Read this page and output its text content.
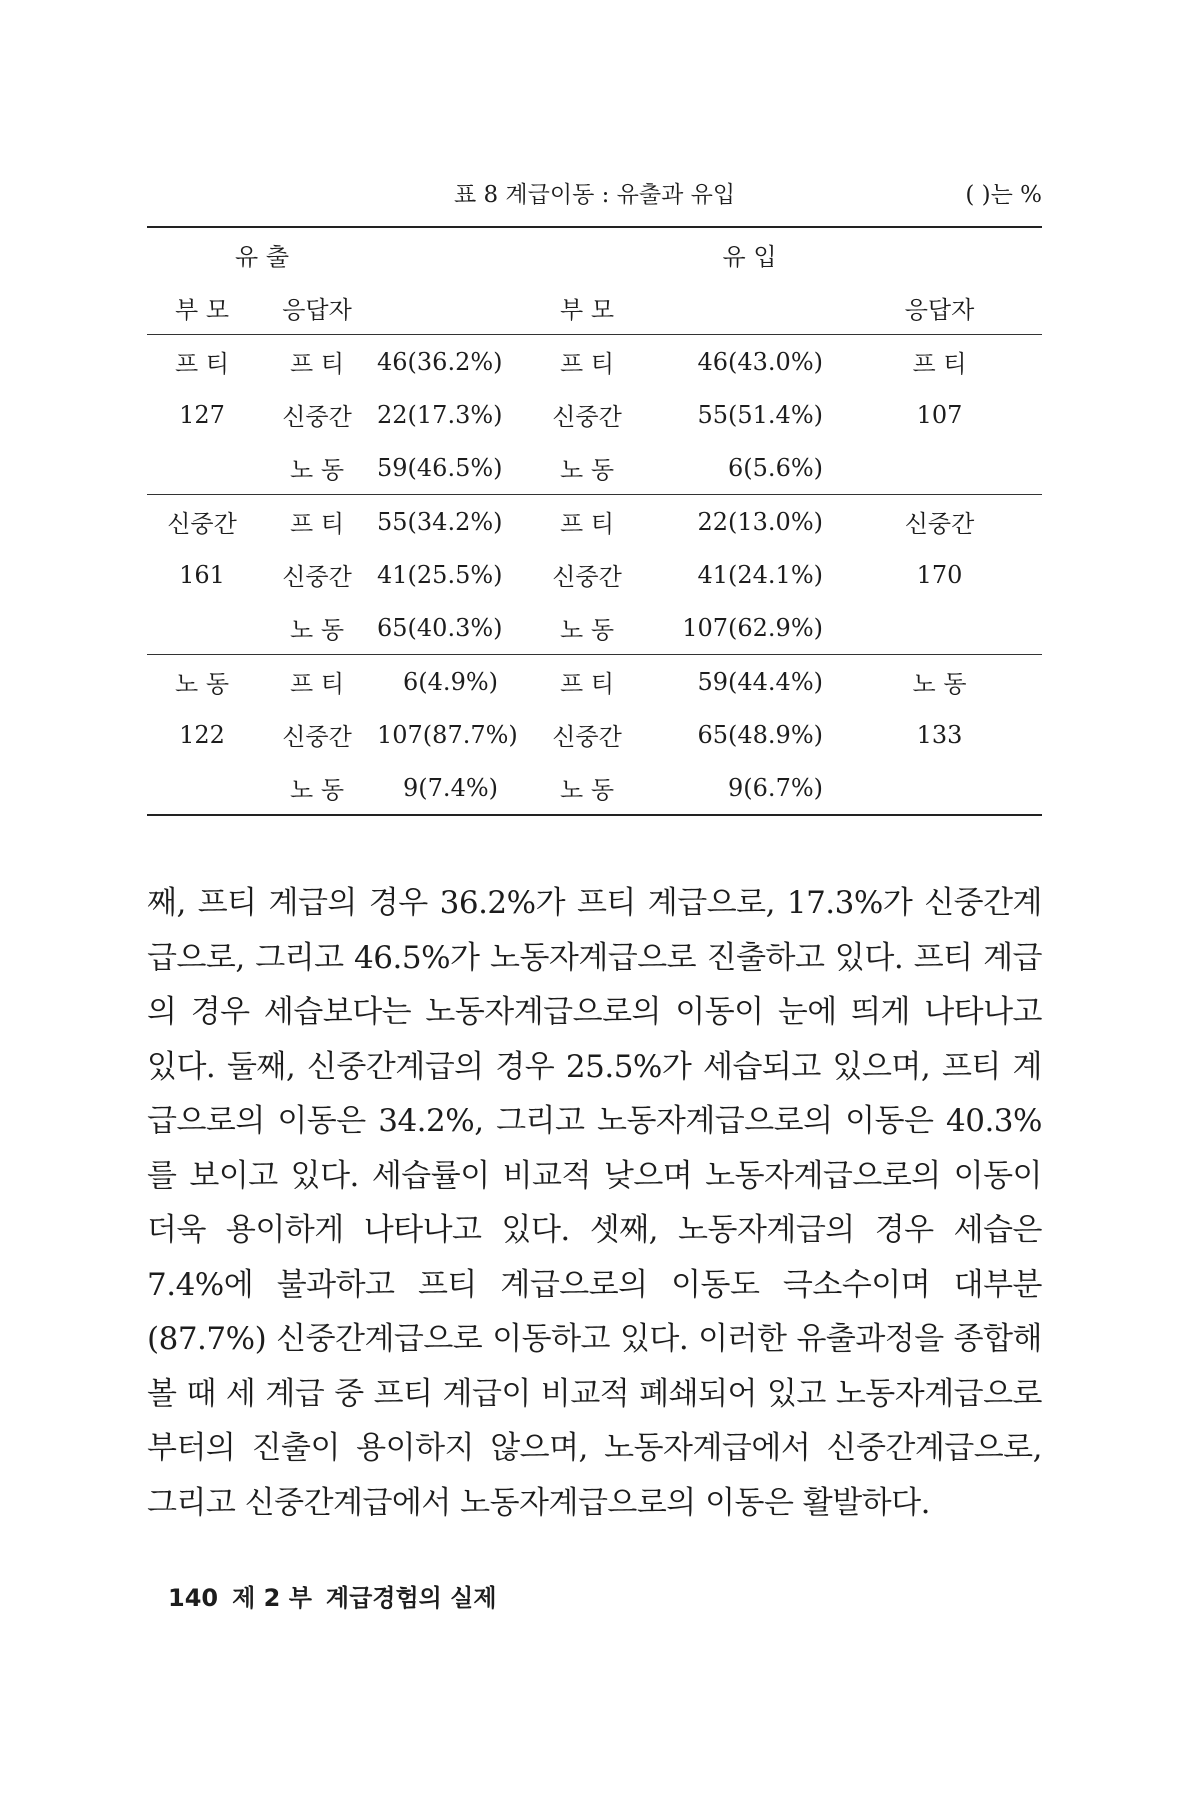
표 8 계급이동 : 유출과 유입	( )는 %
유 출				유 입	
부 모	응답자		부 모		응답자
프 티	프 티	46(36.2%)	프 티	46(43.0%)	프 티
127	신중간	22(17.3%)	신중간	55(51.4%)	107
	노 동	59(46.5%)	노 동	6(5.6%)	
신중간	프 티	55(34.2%)	프 티	22(13.0%)	신중간
161	신중간	41(25.5%)	신중간	41(24.1%)	170
	노 동	65(40.3%)	노 동	107(62.9%)	
노 동	프 티	6(4.9%)	프 티	59(44.4%)	노 동
122	신중간	107(87.7%)	신중간	65(48.9%)	133
	노 동	9(7.4%)	노 동	9(6.7%)	
째, 프티 계급의 경우 36.2%가 프티 계급으로, 17.3%가 신중간계급으로, 그리고 46.5%가 노동자계급으로 진출하고 있다. 프티 계급의 경우 세습보다는 노동자계급으로의 이동이 눈에 띄게 나타나고 있다. 둘째, 신중간계급의 경우 25.5%가 세습되고 있으며, 프티 계급으로의 이동은 34.2%, 그리고 노동자계급으로의 이동은 40.3%를 보이고 있다. 세습률이 비교적 낮으며 노동자계급으로의 이동이 더욱 용이하게 나타나고 있다. 셋째, 노동자계급의 경우 세습은 7.4%에 불과하고 프티 계급으로의 이동도 극소수이며 대부분(87.7%) 신중간계급으로 이동하고 있다. 이러한 유출과정을 종합해 볼 때 세 계급 중 프티 계급이 비교적 폐쇄되어 있고 노동자계급으로부터의 진출이 용이하지 않으며, 노동자계급에서 신중간계급으로, 그리고 신중간계급에서 노동자계급으로의 이동은 활발하다.
140 제 2 부 계급경험의 실제
